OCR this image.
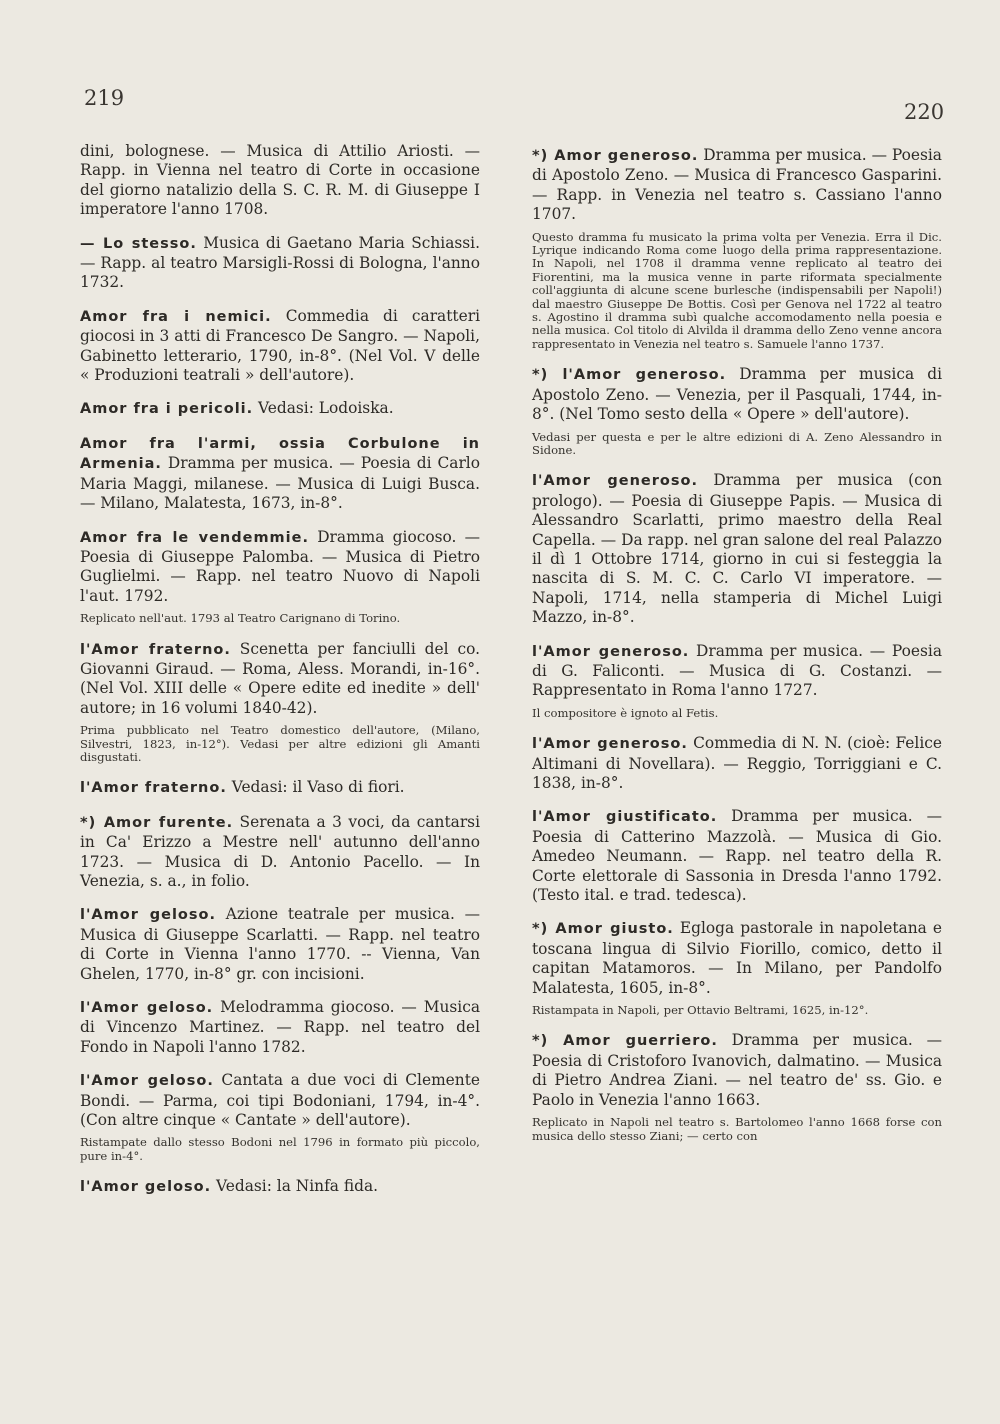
219
220

dini, bolognese. — Musica di Attilio Ariosti. — Rapp. in Vienna nel teatro di Corte in occasione del giorno natalizio della S. C. R. M. di Giuseppe I imperatore l'anno 1708.

— Lo stesso. Musica di Gaetano Maria Schiassi. — Rapp. al teatro Marsigli-Rossi di Bologna, l'anno 1732.

Amor fra i nemici. Commedia di caratteri giocosi in 3 atti di Francesco De Sangro. — Napoli, Gabinetto letterario, 1790, in-8°. (Nel Vol. V delle « Produzioni teatrali » dell'autore).

Amor fra i pericoli. Vedasi: Lodoiska.

Amor fra l'armi, ossia Corbulone in Armenia. Dramma per musica. — Poesia di Carlo Maria Maggi, milanese. — Musica di Luigi Busca. — Milano, Malatesta, 1673, in-8°.

Amor fra le vendemmie. Dramma giocoso. — Poesia di Giuseppe Palomba. — Musica di Pietro Guglielmi. — Rapp. nel teatro Nuovo di Napoli l'aut. 1792.

Replicato nell'aut. 1793 al Teatro Carignano di Torino.

l'Amor fraterno. Scenetta per fanciulli del co. Giovanni Giraud. — Roma, Aless. Morandi, in-16°. (Nel Vol. XIII delle « Opere edite ed inedite » dell' autore; in 16 volumi 1840-42).

Prima pubblicato nel Teatro domestico dell'autore, (Milano, Silvestri, 1823, in-12°). Vedasi per altre edizioni gli Amanti disgustati.

l'Amor fraterno. Vedasi: il Vaso di fiori.

*) Amor furente. Serenata a 3 voci, da cantarsi in Ca' Erizzo a Mestre nell' autunno dell'anno 1723. — Musica di D. Antonio Pacello. — In Venezia, s. a., in folio.

l'Amor geloso. Azione teatrale per musica. — Musica di Giuseppe Scarlatti. — Rapp. nel teatro di Corte in Vienna l'anno 1770. -- Vienna, Van Ghelen, 1770, in-8° gr. con incisioni.

l'Amor geloso. Melodramma giocoso. — Musica di Vincenzo Martinez. — Rapp. nel teatro del Fondo in Napoli l'anno 1782.

l'Amor geloso. Cantata a due voci di Clemente Bondi. — Parma, coi tipi Bodoniani, 1794, in-4°. (Con altre cinque « Cantate » dell'autore).

Ristampate dallo stesso Bodoni nel 1796 in formato più piccolo, pure in-4°.

l'Amor geloso. Vedasi: la Ninfa fida.

*) Amor generoso. Dramma per musica. — Poesia di Apostolo Zeno. — Musica di Francesco Gasparini. — Rapp. in Venezia nel teatro s. Cassiano l'anno 1707.

Questo dramma fu musicato la prima volta per Venezia. Erra il Dic. Lyrique indicando Roma come luogo della prima rappresentazione. In Napoli, nel 1708 il dramma venne replicato al teatro dei Fiorentini, ma la musica venne in parte riformata specialmente coll'aggiunta di alcune scene burlesche (indispensabili per Napoli!) dal maestro Giuseppe De Bottis. Così per Genova nel 1722 al teatro s. Agostino il dramma subì qualche accomodamento nella poesia e nella musica. Col titolo di Alvilda il dramma dello Zeno venne ancora rappresentato in Venezia nel teatro s. Samuele l'anno 1737.

*) l'Amor generoso. Dramma per musica di Apostolo Zeno. — Venezia, per il Pasquali, 1744, in-8°. (Nel Tomo sesto della « Opere » dell'autore).

Vedasi per questa e per le altre edizioni di A. Zeno Alessandro in Sidone.

l'Amor generoso. Dramma per musica (con prologo). — Poesia di Giuseppe Papis. — Musica di Alessandro Scarlatti, primo maestro della Real Capella. — Da rapp. nel gran salone del real Palazzo il dì 1 Ottobre 1714, giorno in cui si festeggia la nascita di S. M. C. C. Carlo VI imperatore. — Napoli, 1714, nella stamperia di Michel Luigi Mazzo, in-8°.

l'Amor generoso. Dramma per musica. — Poesia di G. Faliconti. — Musica di G. Costanzi. — Rappresentato in Roma l'anno 1727.

Il compositore è ignoto al Fetis.

l'Amor generoso. Commedia di N. N. (cioè: Felice Altimani di Novellara). — Reggio, Torriggiani e C. 1838, in-8°.

l'Amor giustificato. Dramma per musica. — Poesia di Catterino Mazzolà. — Musica di Gio. Amedeo Neumann. — Rapp. nel teatro della R. Corte elettorale di Sassonia in Dresda l'anno 1792. (Testo ital. e trad. tedesca).

*) Amor giusto. Egloga pastorale in napoletana e toscana lingua di Silvio Fiorillo, comico, detto il capitan Matamoros. — In Milano, per Pandolfo Malatesta, 1605, in-8°.

Ristampata in Napoli, per Ottavio Beltrami, 1625, in-12°.

*) Amor guerriero. Dramma per musica. — Poesia di Cristoforo Ivanovich, dalmatino. — Musica di Pietro Andrea Ziani. — nel teatro de' ss. Gio. e Paolo in Venezia l'anno 1663.

Replicato in Napoli nel teatro s. Bartolomeo l'anno 1668 forse con musica dello stesso Ziani; — certo con
